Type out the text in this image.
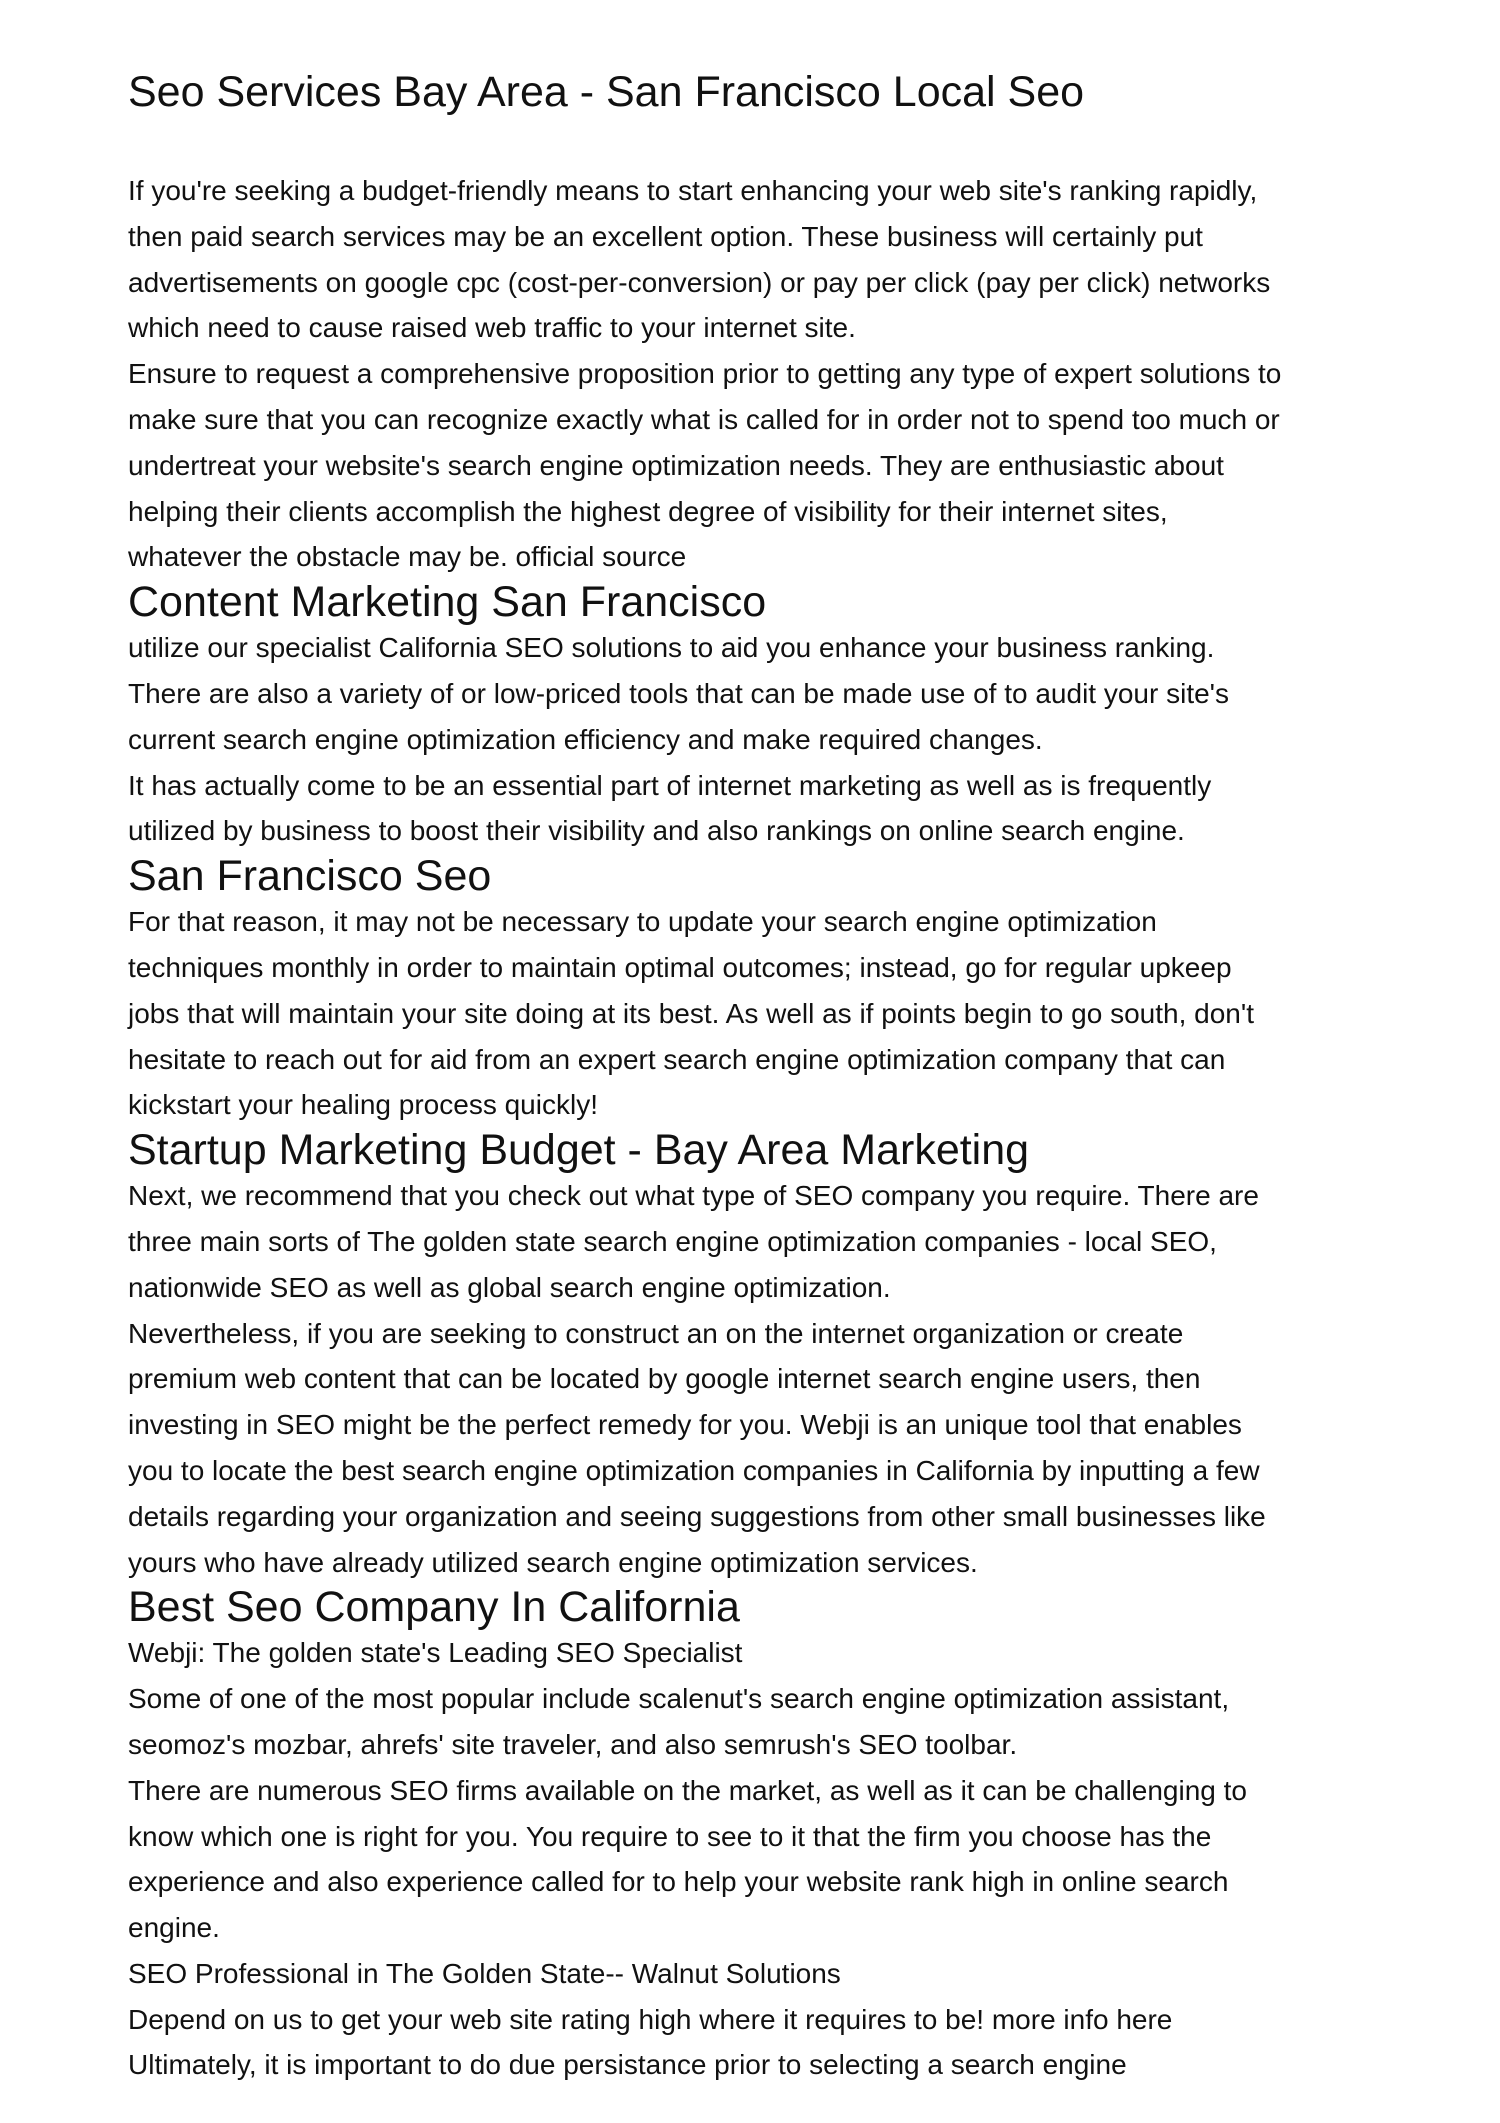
Seo Services Bay Area - San Francisco Local Seo

If you're seeking a budget-friendly means to start enhancing your web site's ranking rapidly,
then paid search services may be an excellent option. These business will certainly put
advertisements on google cpc (cost-per-conversion) or pay per click (pay per click) networks
which need to cause raised web traffic to your internet site.

Ensure to request a comprehensive proposition prior to getting any type of expert solutions to
make sure that you can recognize exactly what is called for in order not to spend too much or
undertreat your website's search engine optimization needs. They are enthusiastic about
helping their clients accomplish the highest degree of visibility for their internet sites,
whatever the obstacle may be. official source

Content Marketing San Francisco

utilize our specialist California SEO solutions to aid you enhance your business ranking.
There are also a variety of or low-priced tools that can be made use of to audit your site's
current search engine optimization efficiency and make required changes.

It has actually come to be an essential part of internet marketing as well as is frequently
utilized by business to boost their visibility and also rankings on online search engine.

San Francisco Seo

For that reason, it may not be necessary to update your search engine optimization
techniques monthly in order to maintain optimal outcomes; instead, go for regular upkeep
jobs that will maintain your site doing at its best. As well as if points begin to go south, don't
hesitate to reach out for aid from an expert search engine optimization company that can
kickstart your healing process quickly!

Startup Marketing Budget - Bay Area Marketing

Next, we recommend that you check out what type of SEO company you require. There are
three main sorts of The golden state search engine optimization companies - local SEO,
nationwide SEO as well as global search engine optimization.

Nevertheless, if you are seeking to construct an on the internet organization or create
premium web content that can be located by google internet search engine users, then
investing in SEO might be the perfect remedy for you. Webji is an unique tool that enables
you to locate the best search engine optimization companies in California by inputting a few
details regarding your organization and seeing suggestions from other small businesses like
yours who have already utilized search engine optimization services.

Best Seo Company In California

Webji: The golden state's Leading SEO Specialist

Some of one of the most popular include scalenut's search engine optimization assistant,
seomoz's mozbar, ahrefs' site traveler, and also semrush's SEO toolbar.

There are numerous SEO firms available on the market, as well as it can be challenging to
know which one is right for you. You require to see to it that the firm you choose has the
experience and also experience called for to help your website rank high in online search
engine.

SEO Professional in The Golden State-- Walnut Solutions

Depend on us to get your web site rating high where it requires to be! more info here

Ultimately, it is important to do due persistance prior to selecting a search engine
